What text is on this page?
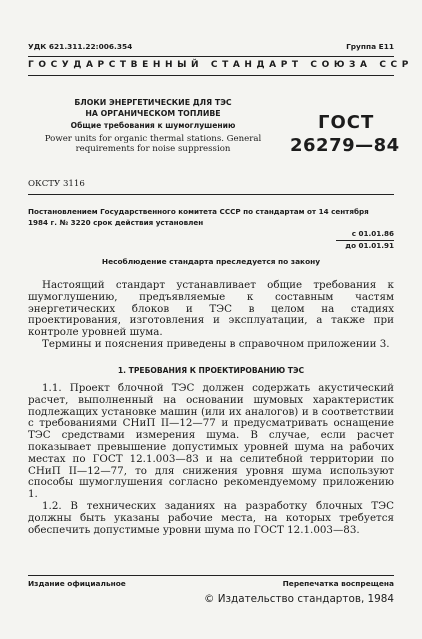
УДК 621.311.22:006.354	Группа Е11
ГОСУДАРСТВЕННЫЙ СТАНДАРТ СОЮЗА ССР
БЛОКИ ЭНЕРГЕТИЧЕСКИЕ ДЛЯ ТЭС
НА ОРГАНИЧЕСКОМ ТОПЛИВЕ
Общие требования к шумоглушению
Power units for organic thermal stations. General
requirements for noise suppression
ГОСТ
26279—84
ОКСТУ 3116
Постановлением Государственного комитета СССР по стандартам от 14 сентября
1984 г. № 3220 срок действия установлен
с 01.01.86
до 01.01.91
Несоблюдение стандарта преследуется по закону

Настоящий стандарт устанавливает общие требования к шумоглушению, предъявляемые к составным частям энергетических блоков и ТЭС в целом на стадиях проектирования, изготовления и эксплуатации, а также при контроле уровней шума.

Термины и пояснения приведены в справочном приложении 3.

1. ТРЕБОВАНИЯ К ПРОЕКТИРОВАНИЮ ТЭС

1.1. Проект блочной ТЭС должен содержать акустический расчет, выполненный на основании шумовых характеристик подлежащих установке машин (или их аналогов) и в соответствии с требованиями СНиП II—12—77 и предусматривать оснащение ТЭС средствами измерения шума. В случае, если расчет показывает превышение допустимых уровней шума на рабочих местах по ГОСТ 12.1.003—83 и на селитебной территории по СНиП II—12—77, то для снижения уровня шума используют способы шумоглушения согласно рекомендуемому приложению 1.

1.2. В технических заданиях на разработку блочных ТЭС должны быть указаны рабочие места, на которых требуется обеспечить допустимые уровни шума по ГОСТ 12.1.003—83.

Издание официальное	Перепечатка воспрещена
© Издательство стандартов, 1984
